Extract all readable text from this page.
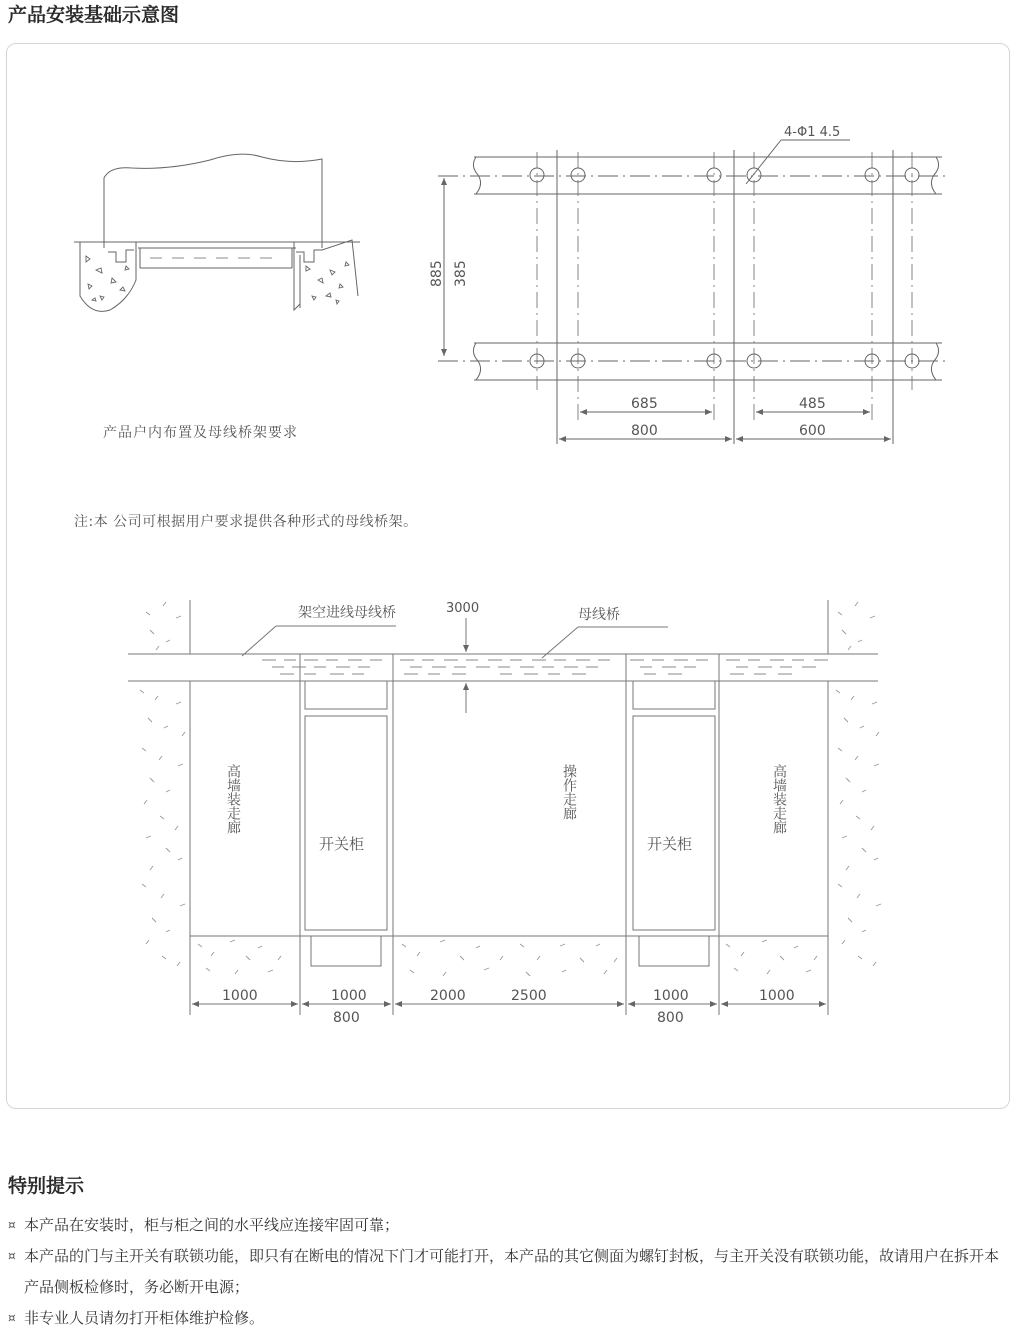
产品安装基础示意图
产品户内布置及母线桥架要求
4-Φ1 4.5
885 385
685	485
800	600
注:本 公司可根据用户要求提供各种形式的母线桥架。
架空进线母线桥	3000	母线桥
高墙装走廊	操作走廊	高墙装走廊
开关柜	开关柜
1000	1000
800
2000	2500	1000
800
1000
特别提示
¤ 本产品在安装时，柜与柜之间的水平线应连接牢固可靠；
¤ 本产品的门与主开关有联锁功能，即只有在断电的情况下门才可能打开，本产品的其它侧面为螺钉封板，与主开关没有联锁功能，故请用户在拆开本产品侧板检修时，务必断开电源；
¤ 非专业人员请勿打开柜体维护检修。
